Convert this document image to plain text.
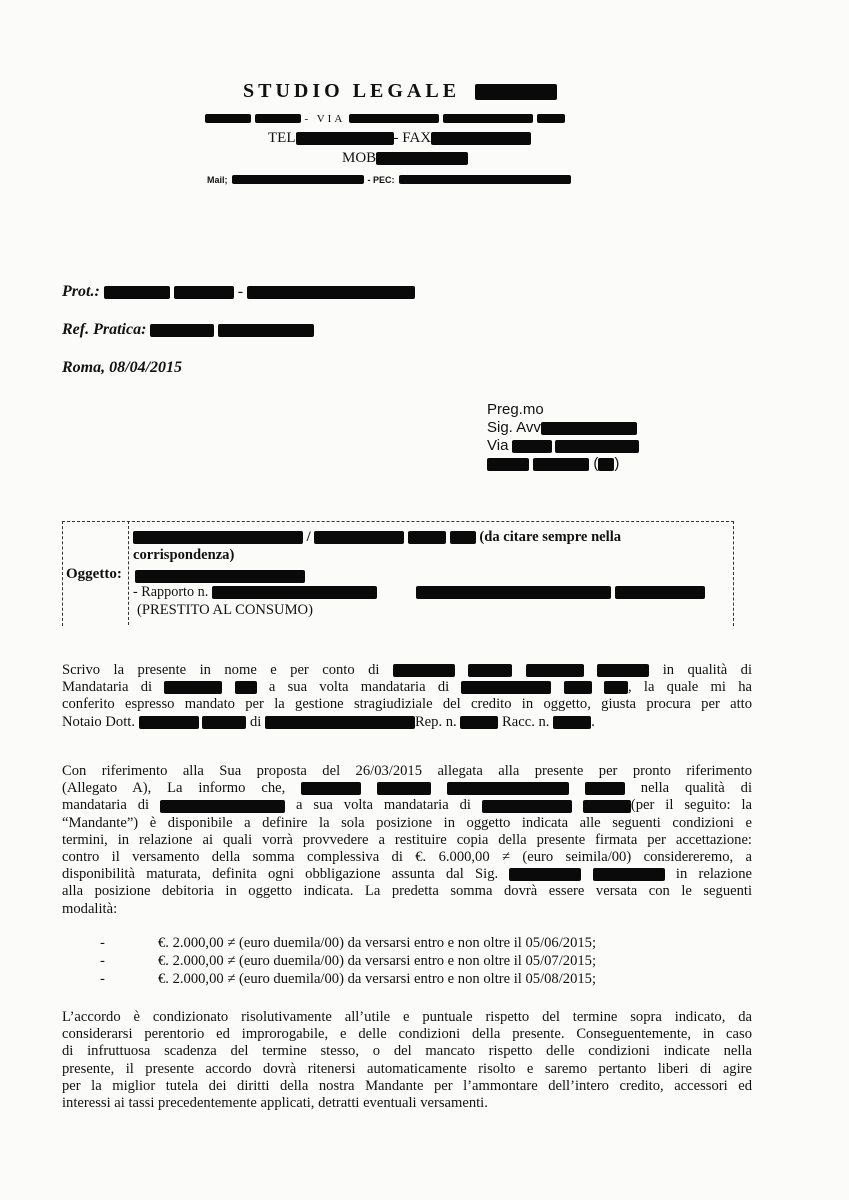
STUDIO LEGALE
- VIA
TEL	- FAX
MOB
Mail;	- PEC:
Prot.:	-
Ref. Pratica:
Roma, 08/04/2015
Preg.mo
Sig. Avv
Via
( )
Oggetto:
/	(da citare sempre nella
corrispondenza)
- Rapporto n.
(PRESTITO AL CONSUMO)
Scrivo la presente in nome e per conto di	in qualità di
Mandataria di	a sua volta mandataria di	, la quale mi ha
conferito espresso mandato per la gestione stragiudiziale del credito in oggetto, giusta procura per atto
Notaio Dott.	di	Rep. n.	Racc. n.	.
Con riferimento alla Sua proposta del 26/03/2015 allegata alla presente per pronto riferimento
(Allegato A), La informo che,	nella qualità di
mandataria di	a sua volta mandataria di	(per il seguito: la
“Mandante”) è disponibile a definire la sola posizione in oggetto indicata alle seguenti condizioni e
termini, in relazione ai quali vorrà provvedere a restituire copia della presente firmata per accettazione:
contro il versamento della somma complessiva di €. 6.000,00 ≠ (euro seimila/00) considereremo, a
disponibilità maturata, definita ogni obbligazione assunta dal Sig.	in relazione
alla posizione debitoria in oggetto indicata. La predetta somma dovrà essere versata con le seguenti
modalità:
-	€. 2.000,00 ≠ (euro duemila/00) da versarsi entro e non oltre il 05/06/2015;
-	€. 2.000,00 ≠ (euro duemila/00) da versarsi entro e non oltre il 05/07/2015;
-	€. 2.000,00 ≠ (euro duemila/00) da versarsi entro e non oltre il 05/08/2015;
L’accordo è condizionato risolutivamente all’utile e puntuale rispetto del termine sopra indicato, da
considerarsi perentorio ed improrogabile, e delle condizioni della presente. Conseguentemente, in caso
di infruttuosa scadenza del termine stesso, o del mancato rispetto delle condizioni indicate nella
presente, il presente accordo dovrà ritenersi automaticamente risolto e saremo pertanto liberi di agire
per la miglior tutela dei diritti della nostra Mandante per l’ammontare dell’intero credito, accessori ed
interessi ai tassi precedentemente applicati, detratti eventuali versamenti.
